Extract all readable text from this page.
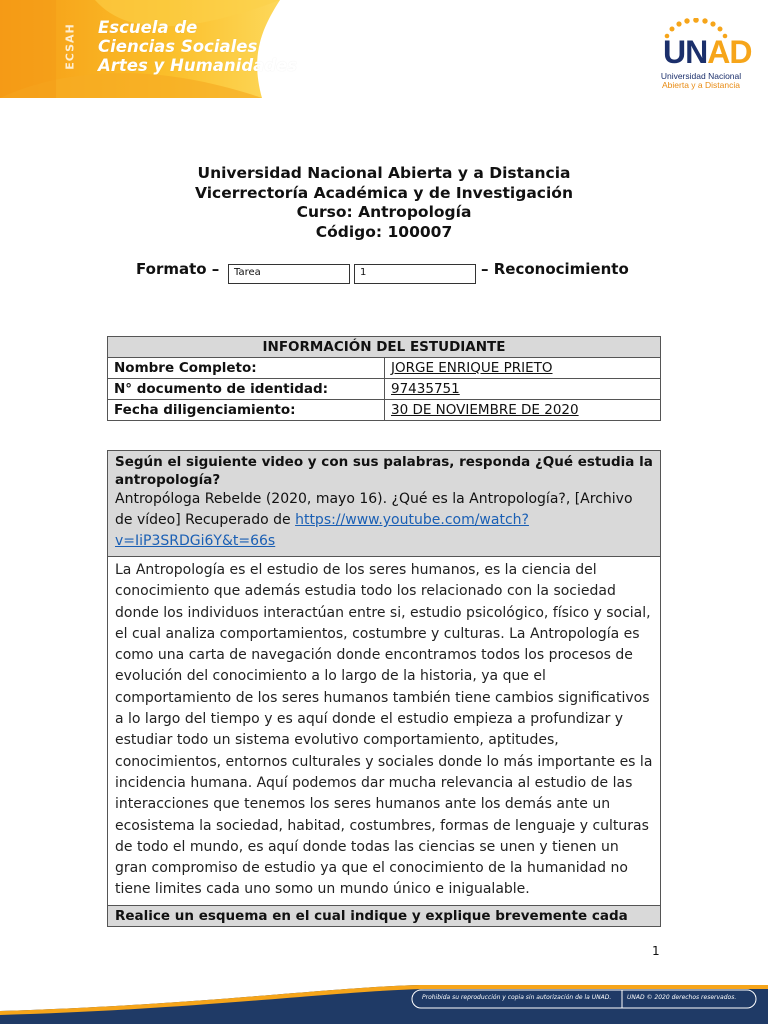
ECSAH Escuela de
Ciencias Sociales
Artes y Humanidades	UNAD
Universidad Nacional
Abierta y a Distancia
Universidad Nacional Abierta y a Distancia
Vicerrectoría Académica y de Investigación
Curso: Antropología
Código: 100007
Formato –	Tarea	1	– Reconocimiento
INFORMACIÓN DEL ESTUDIANTE	
Nombre Completo:	JORGE ENRIQUE PRIETO
N° documento de identidad:	97435751
Fecha diligenciamiento:	30 DE NOVIEMBRE DE 2020
Según el siguiente video y con sus palabras, responda ¿Qué estudia la antropología?
Antropóloga Rebelde (2020, mayo 16). ¿Qué es la Antropología?, [Archivo de vídeo] Recuperado de https://www.youtube.com/watch?v=IiP3SRDGi6Y&t=66s
La Antropología es el estudio de los seres humanos, es la ciencia del conocimiento que además estudia todo los relacionado con la sociedad donde los individuos interactúan entre si, estudio psicológico, físico y social, el cual analiza comportamientos, costumbre y culturas. La Antropología es como una carta de navegación donde encontramos todos los procesos de evolución del conocimiento a lo largo de la historia, ya que el comportamiento de los seres humanos también tiene cambios significativos a lo largo del tiempo y es aquí donde el estudio empieza a profundizar y estudiar todo un sistema evolutivo comportamiento, aptitudes, conocimientos, entornos culturales y sociales donde lo más importante es la incidencia humana. Aquí podemos dar mucha relevancia al estudio de las interacciones que tenemos los seres humanos ante los demás ante un ecosistema la sociedad, habitad, costumbres, formas de lenguaje y culturas de todo el mundo, es aquí donde todas las ciencias se unen y tienen un gran compromiso de estudio ya que el conocimiento de la humanidad no tiene limites cada uno somo un mundo único e inigualable.
Realice un esquema en el cual indique y explique brevemente cada
1
Prohibida su reproducción y copia sin autorización de la UNAD.	UNAD © 2020 derechos reservados.
